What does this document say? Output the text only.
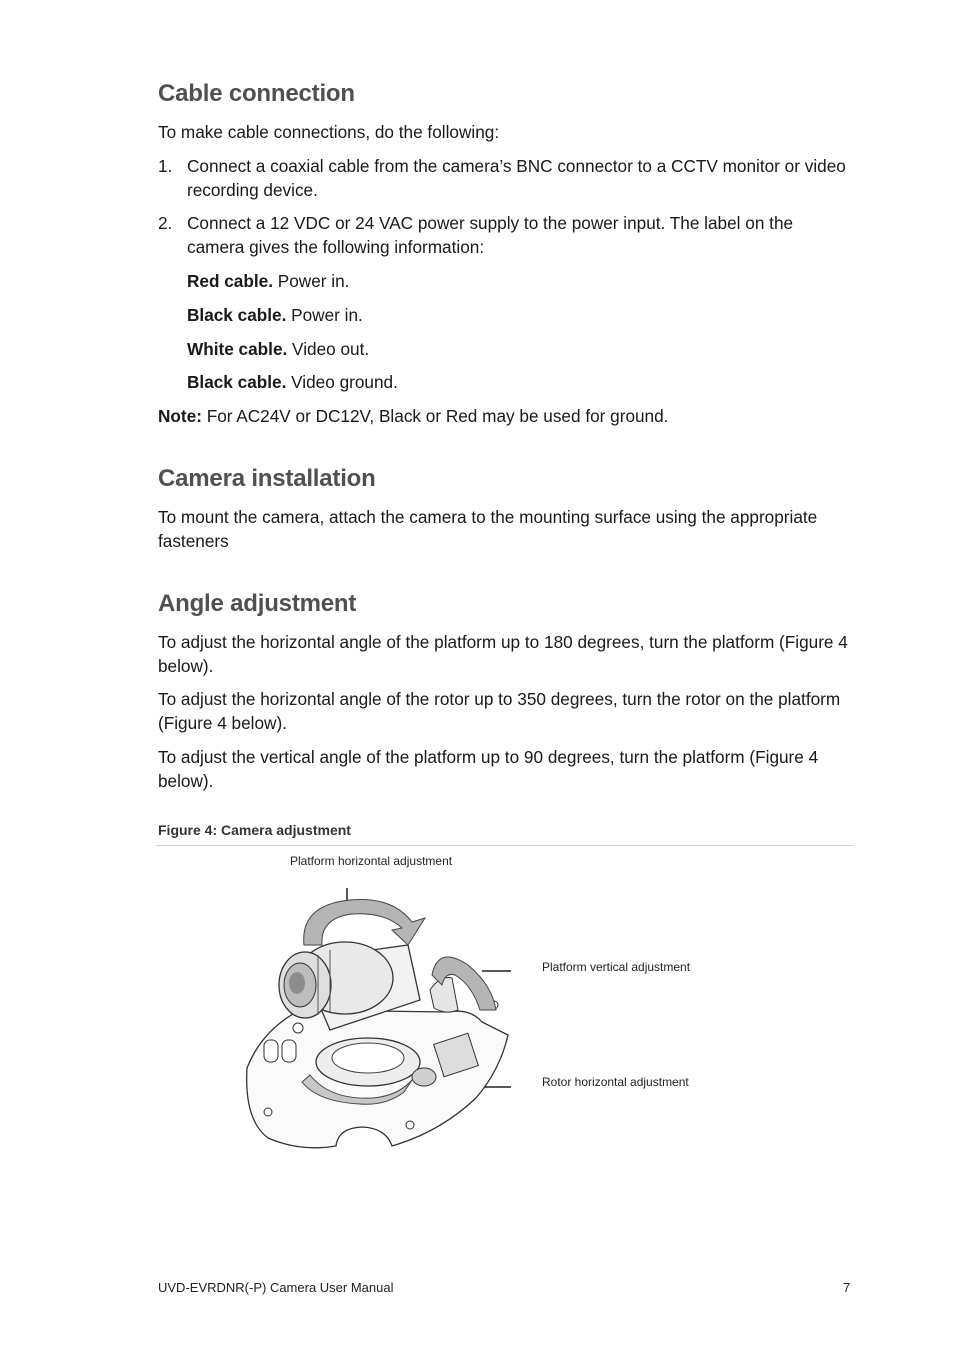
Cable connection

To make cable connections, do the following:

1. Connect a coaxial cable from the camera’s BNC connector to a CCTV monitor or video recording device.
2. Connect a 12 VDC or 24 VAC power supply to the power input. The label on the camera gives the following information:
Red cable. Power in.
Black cable. Power in.
White cable. Video out.
Black cable. Video ground.
Note: For AC24V or DC12V, Black or Red may be used for ground.
Camera installation

To mount the camera, attach the camera to the mounting surface using the appropriate fasteners

Angle adjustment

To adjust the horizontal angle of the platform up to 180 degrees, turn the platform (Figure 4 below).

To adjust the horizontal angle of the rotor up to 350 degrees, turn the rotor on the platform (Figure 4 below).

To adjust the vertical angle of the platform up to 90 degrees, turn the platform (Figure 4 below).

Figure 4: Camera adjustment
Platform horizontal adjustment
Platform vertical adjustment
Rotor horizontal adjustment
UVD-EVRDNR(-P) Camera User Manual	7
